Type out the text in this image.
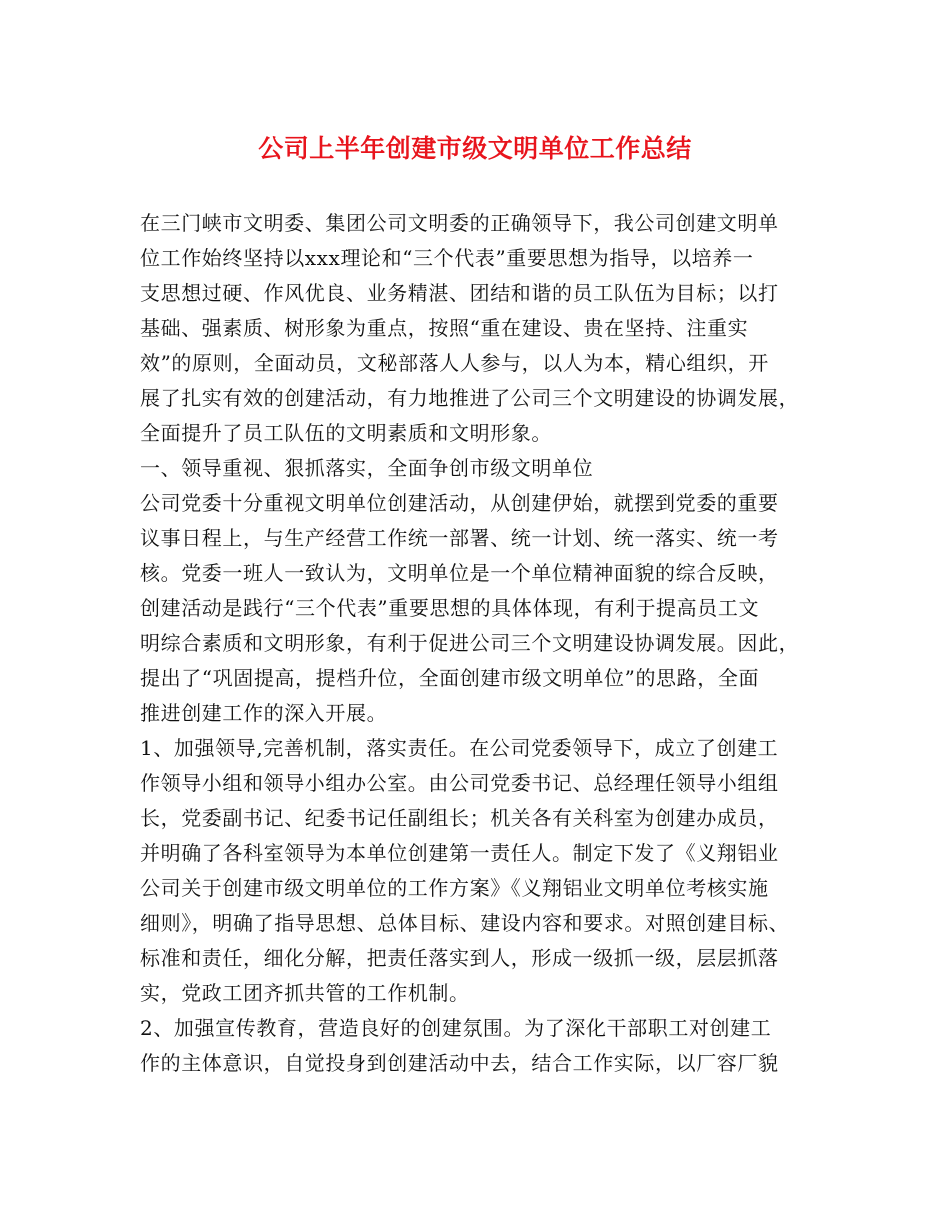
公司上半年创建市级文明单位工作总结
在三门峡市文明委、集团公司文明委的正确领导下，我公司创建文明单
位工作始终坚持以xxx理论和“三个代表”重要思想为指导，以培养一
支思想过硬、作风优良、业务精湛、团结和谐的员工队伍为目标；以打
基础、强素质、树形象为重点，按照“重在建设、贵在坚持、注重实
效”的原则，全面动员，文秘部落人人参与，以人为本，精心组织，开
展了扎实有效的创建活动，有力地推进了公司三个文明建设的协调发展，
全面提升了员工队伍的文明素质和文明形象。
一、领导重视、狠抓落实，全面争创市级文明单位
公司党委十分重视文明单位创建活动，从创建伊始，就摆到党委的重要
议事日程上，与生产经营工作统一部署、统一计划、统一落实、统一考
核。党委一班人一致认为，文明单位是一个单位精神面貌的综合反映，
创建活动是践行“三个代表”重要思想的具体体现，有利于提高员工文
明综合素质和文明形象，有利于促进公司三个文明建设协调发展。因此，
提出了“巩固提高，提档升位，全面创建市级文明单位”的思路，全面
推进创建工作的深入开展。
1、加强领导,完善机制，落实责任。在公司党委领导下，成立了创建工
作领导小组和领导小组办公室。由公司党委书记、总经理任领导小组组
长，党委副书记、纪委书记任副组长；机关各有关科室为创建办成员，
并明确了各科室领导为本单位创建第一责任人。制定下发了《义翔铝业
公司关于创建市级文明单位的工作方案》《义翔铝业文明单位考核实施
细则》，明确了指导思想、总体目标、建设内容和要求。对照创建目标、
标准和责任，细化分解，把责任落实到人，形成一级抓一级，层层抓落
实，党政工团齐抓共管的工作机制。
2、加强宣传教育，营造良好的创建氛围。为了深化干部职工对创建工
作的主体意识，自觉投身到创建活动中去，结合工作实际，以厂容厂貌
